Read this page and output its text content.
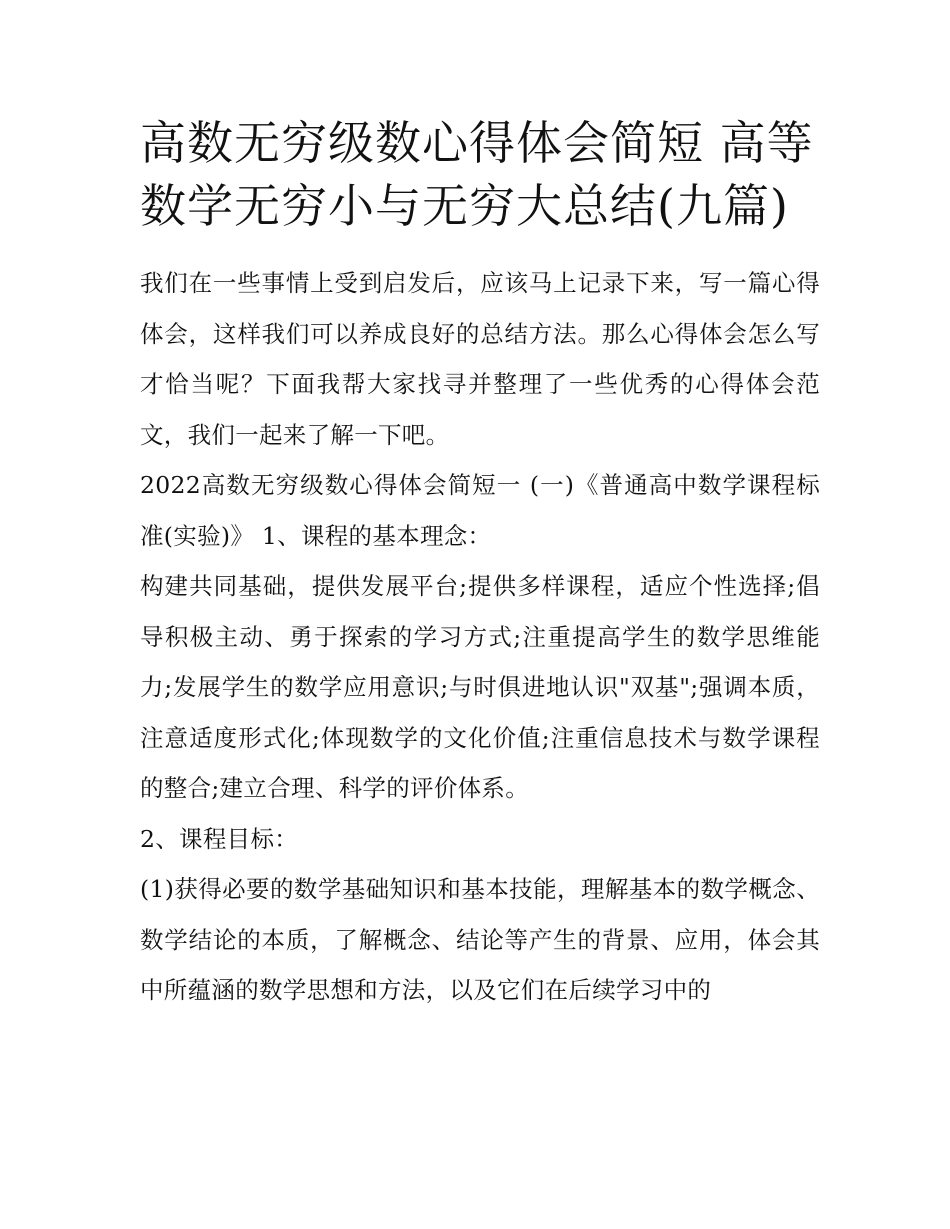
高数无穷级数心得体会简短 高等数学无穷小与无穷大总结(九篇)

我们在一些事情上受到启发后，应该马上记录下来，写一篇心得体会，这样我们可以养成良好的总结方法。那么心得体会怎么写才恰当呢？下面我帮大家找寻并整理了一些优秀的心得体会范文，我们一起来了解一下吧。

2022高数无穷级数心得体会简短一 (一)《普通高中数学课程标准(实验)》 1、课程的基本理念：

构建共同基础，提供发展平台;提供多样课程，适应个性选择;倡导积极主动、勇于探索的学习方式;注重提高学生的数学思维能力;发展学生的数学应用意识;与时俱进地认识"双基";强调本质，注意适度形式化;体现数学的文化价值;注重信息技术与数学课程的整合;建立合理、科学的评价体系。

2、课程目标：

(1)获得必要的数学基础知识和基本技能，理解基本的数学概念、数学结论的本质，了解概念、结论等产生的背景、应用，体会其中所蕴涵的数学思想和方法，以及它们在后续学习中的
